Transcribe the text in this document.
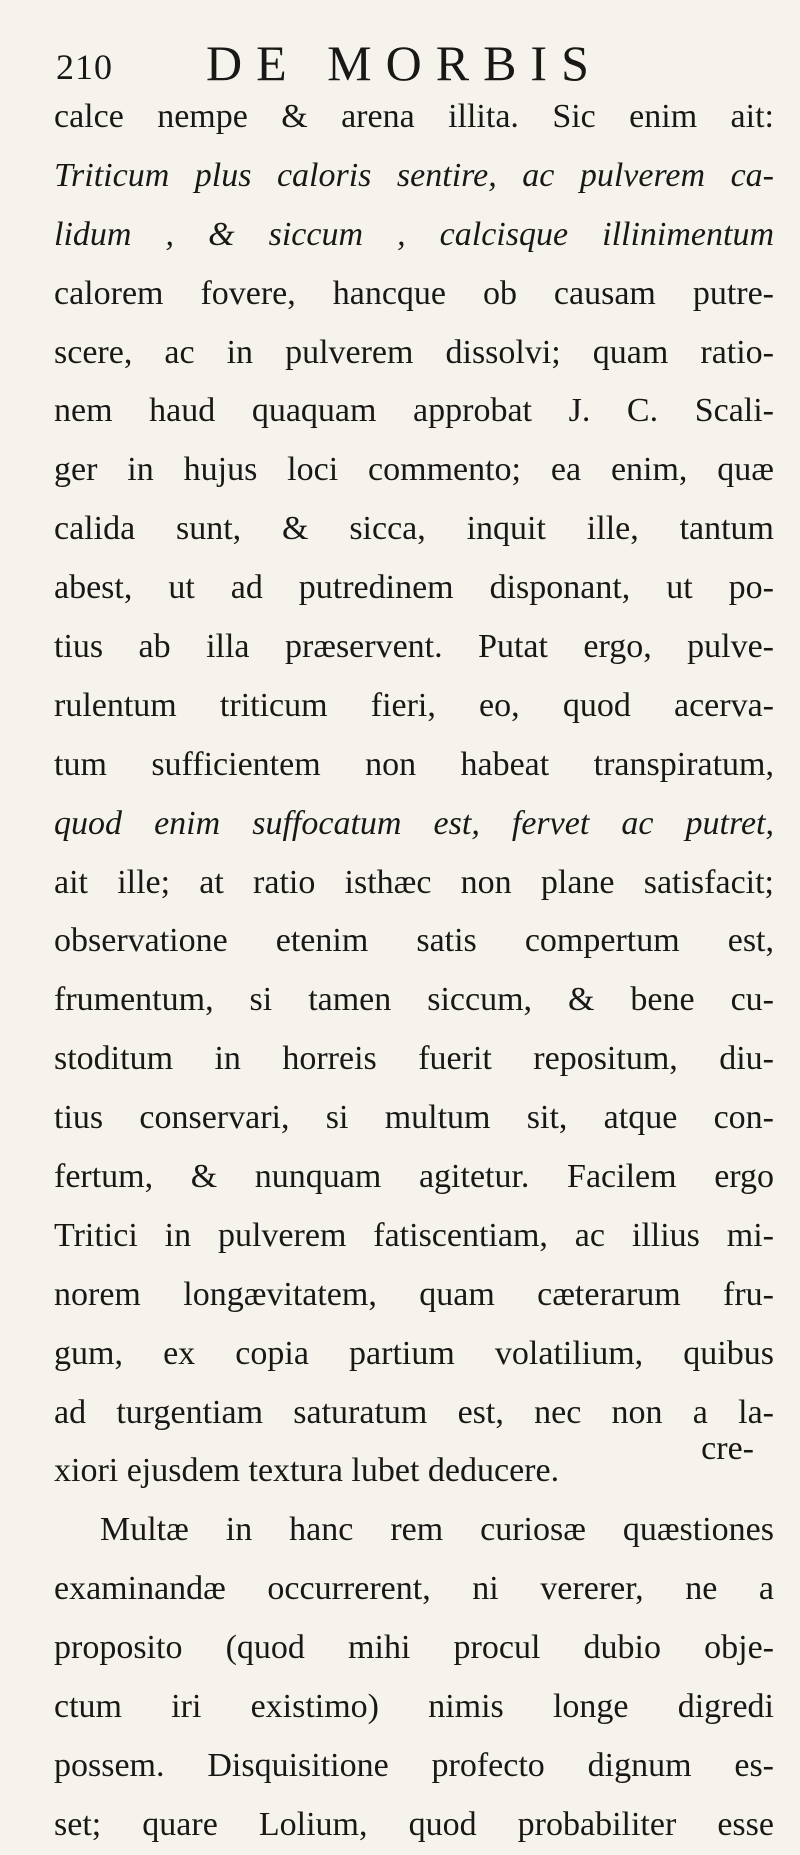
210 DE MORBIS
calce nempe & arena illita. Sic enim ait:
Triticum plus caloris sentire, ac pulverem ca-
lidum , & siccum , calcisque illinimentum
calorem fovere, hancque ob causam putre-
scere, ac in pulverem dissolvi; quam ratio-
nem haud quaquam approbat J. C. Scali-
ger in hujus loci commento; ea enim, quæ
calida sunt, & sicca, inquit ille, tantum
abest, ut ad putredinem disponant, ut po-
tius ab illa præservent. Putat ergo, pulve-
rulentum triticum fieri, eo, quod acerva-
tum sufficientem non habeat transpiratum,
quod enim suffocatum est, fervet ac putret,
ait ille; at ratio isthæc non plane satisfacit;
observatione etenim satis compertum est,
frumentum, si tamen siccum, & bene cu-
stoditum in horreis fuerit repositum, diu-
tius conservari, si multum sit, atque con-
fertum, & nunquam agitetur. Facilem ergo
Tritici in pulverem fatiscentiam, ac illius mi-
norem longævitatem, quam cæterarum fru-
gum, ex copia partium volatilium, quibus
ad turgentiam saturatum est, nec non a la-
xiori ejusdem textura lubet deducere.
Multæ in hanc rem curiosæ quæstiones
examinandæ occurrerent, ni vererer, ne a
proposito (quod mihi procul dubio obje-
ctum iri existimo) nimis longe digredi
possem. Disquisitione profecto dignum es-
set; quare Lolium, quod probabiliter esse
cre-
